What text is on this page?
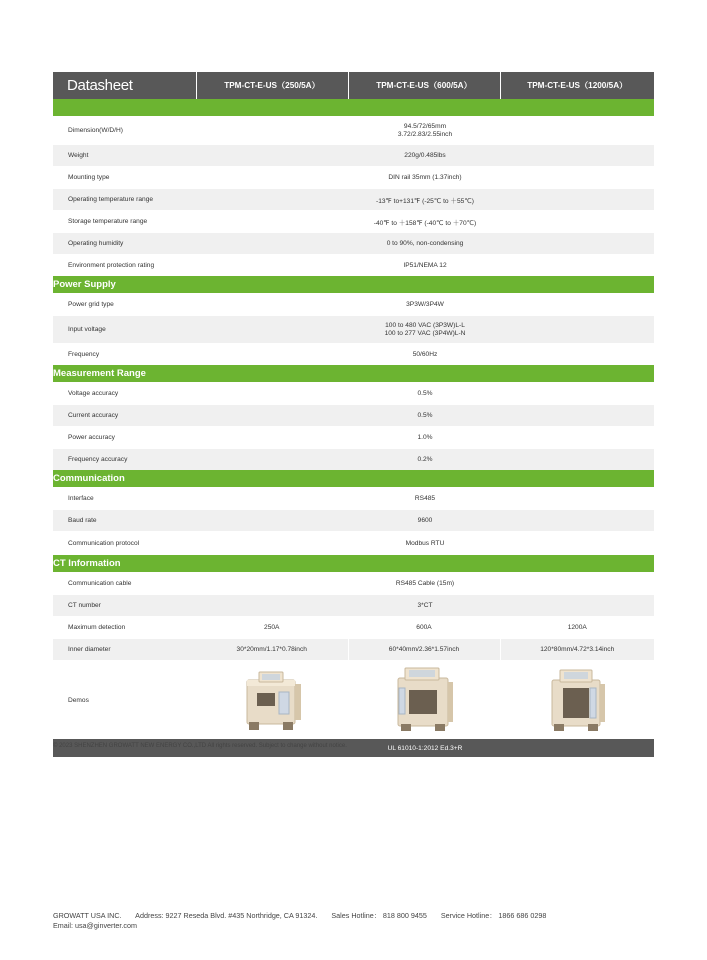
Datasheet	TPM-CT-E-US（250/5A）	TPM-CT-E-US（600/5A）	TPM-CT-E-US（1200/5A）

Dimension(W/D/H)	94.5/72/65mm
3.72/2.83/2.55inch		

Weight	220g/0.485lbs		
Mounting type	DIN rail 35mm (1.37inch)		
Operating temperature range	-13℉ to+131℉ (-25℃ to ＋55℃)		
Storage temperature range	-40℉ to ＋158℉ (-40℃ to ＋70℃)		
Operating humidity	0 to 90%, non-condensing		
Environment protection rating	IP51/NEMA 12		
Power Supply			
Power grid type	3P3W/3P4W		
Input voltage	100 to 480 VAC (3P3W)L-L
100 to 277 VAC (3P4W)L-N		

Frequency	50/60Hz		
Measurement Range			
Voltage accuracy	0.5%		
Current accuracy	0.5%		
Power accuracy	1.0%		
Frequency accuracy	0.2%		
Communication			
Interface	RS485		
Baud rate	9600		
Communication protocol	Modbus RTU		
CT Information			
Communication cable	RS485 Cable (15m)		
CT number	3*CT		
Maximum detection	250A	600A	1200A
Inner diameter	30*20mm/1.17*0.78inch	60*40mm/2.36*1.57inch	120*80mm/4.72*3.14inch
Demos			
	UL 61010-1:2012 Ed.3+R		
© 2023 SHENZHEN GROWATT NEW ENERGY CO.,LTD All rights reserved. Subject to change without notice.
GROWATT USA INC. Address: 9227 Reseda Blvd. #435 Northridge, CA 91324. Sales Hotline： 818 800 9455 Service Hotline： 1866 686 0298
Email: usa@ginverter.com
